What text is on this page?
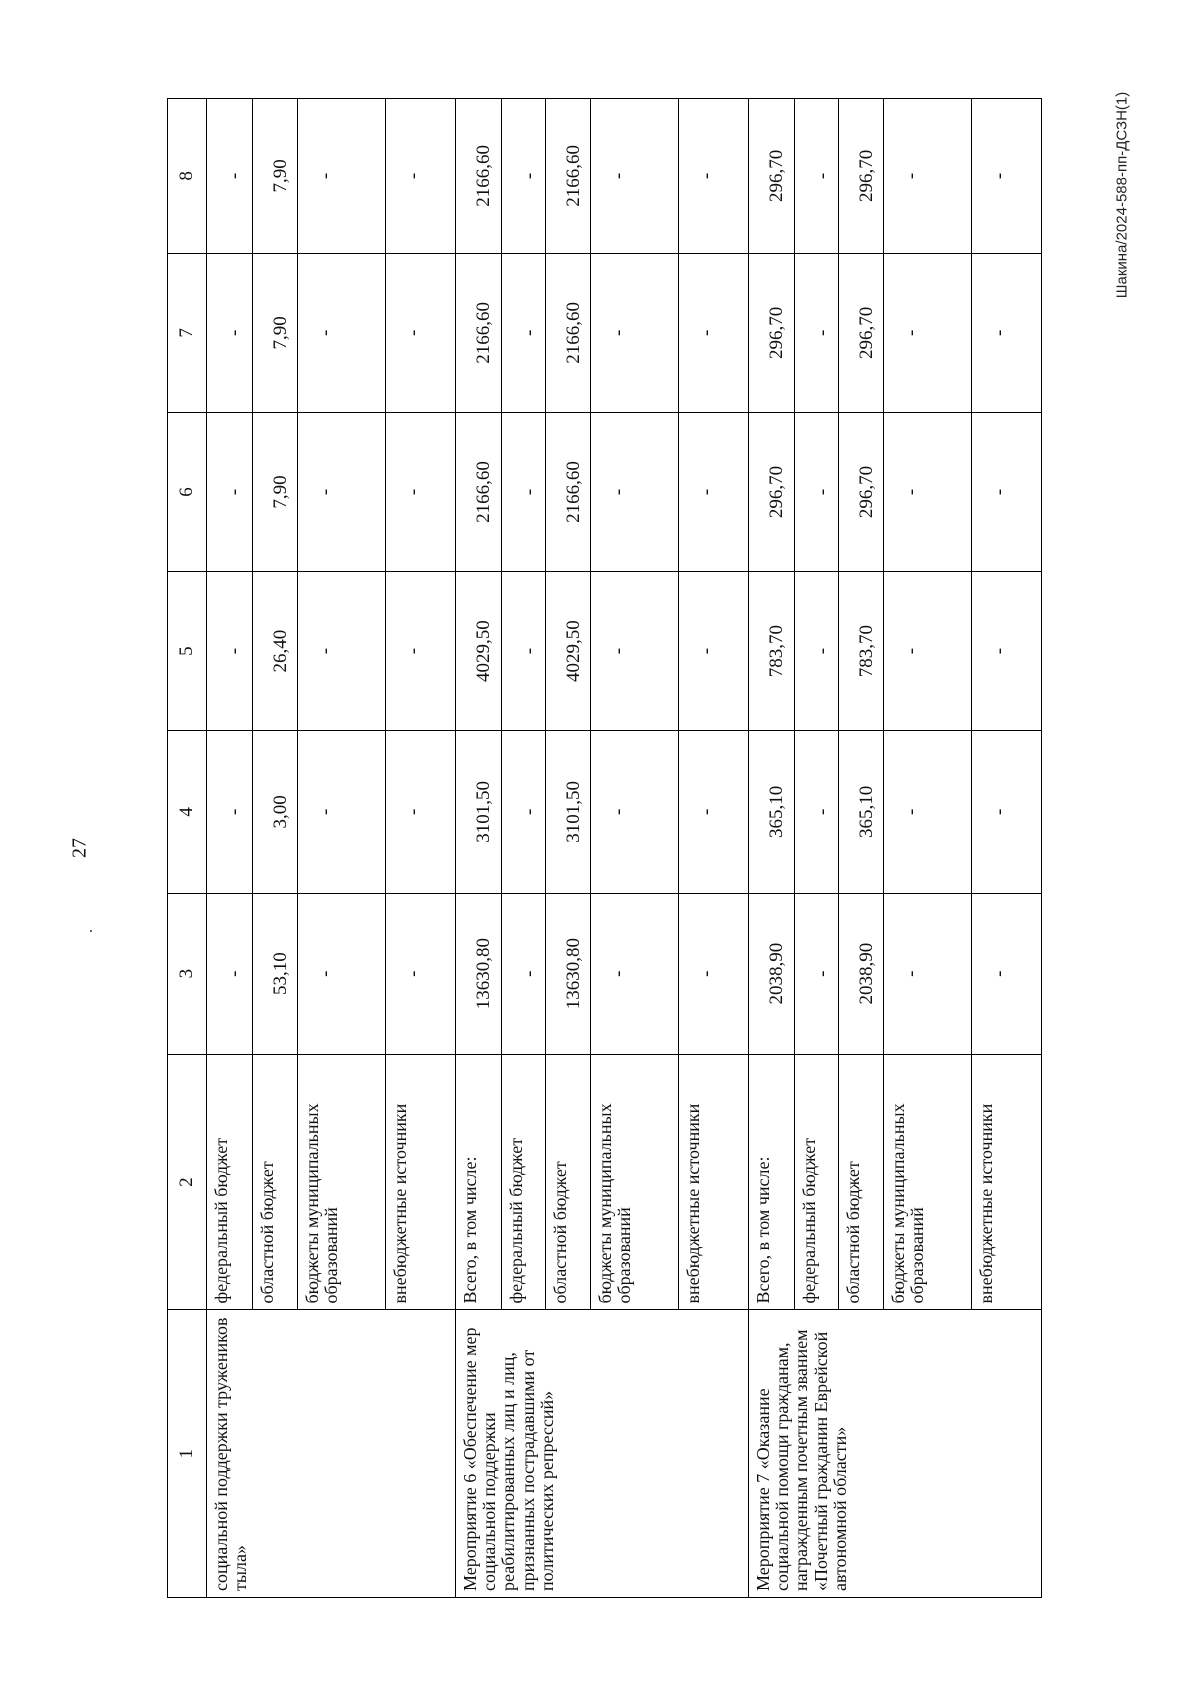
27
Шакина/2024-588-пп-ДСЗН(1)
1	2	3	4	5	6	7	8
социальной поддержки тружеников тыла»	федеральный бюджет	-	-	-	-	-	-
	областной бюджет	53,10	3,00	26,40	7,90	7,90	7,90
	бюджеты муниципальных образований	-	-	-	-	-	-
	внебюджетные источники	-	-	-	-	-	-
Мероприятие 6 «Обеспечение мер социальной поддержки реабилитированных лиц и лиц, признанных пострадавшими от политических репрессий»	Всего, в том числе:	13630,80	3101,50	4029,50	2166,60	2166,60	2166,60
	федеральный бюджет	-	-	-	-	-	-
	областной бюджет	13630,80	3101,50	4029,50	2166,60	2166,60	2166,60
	бюджеты муниципальных образований	-	-	-	-	-	-
	внебюджетные источники	-	-	-	-	-	-
Мероприятие 7 «Оказание социальной помощи гражданам, награжденным почетным званием «Почетный гражданин Еврейской автономной области»	Всего, в том числе:	2038,90	365,10	783,70	296,70	296,70	296,70
	федеральный бюджет	-	-	-	-	-	-
	областной бюджет	2038,90	365,10	783,70	296,70	296,70	296,70
	бюджеты муниципальных образований	-	-	-	-	-	-
	внебюджетные источники	-	-	-	-	-	-
